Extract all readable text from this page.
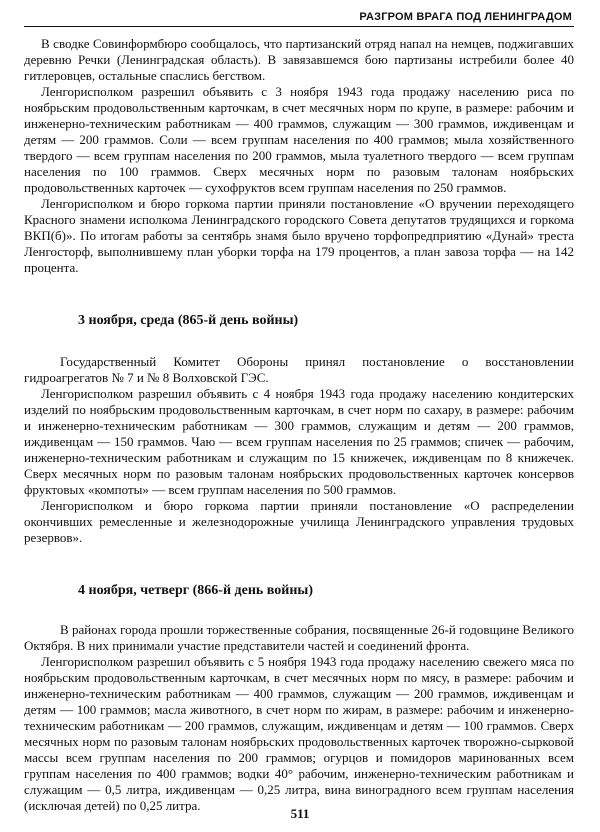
РАЗГРОМ ВРАГА ПОД ЛЕНИНГРАДОМ

В сводке Совинформбюро сообщалось, что партизанский отряд напал на немцев, поджигавших деревню Речки (Ленинградская область). В завязавшемся бою партизаны истребили более 40 гитлеровцев, остальные спаслись бегством.

Ленгорисполком разрешил объявить с 3 ноября 1943 года продажу населению риса по ноябрьским продовольственным карточкам, в счет месячных норм по крупе, в размере: рабочим и инженерно-техническим работникам — 400 граммов, служащим — 300 граммов, иждивенцам и детям — 200 граммов. Соли — всем группам населения по 400 граммов; мыла хозяйственного твердого — всем группам населения по 200 граммов, мыла туалетного твердого — всем группам населения по 100 граммов. Сверх месячных норм по разовым талонам ноябрьских продовольственных карточек — сухофруктов всем группам населения по 250 граммов.

Ленгорисполком и бюро горкома партии приняли постановление «О вручении переходящего Красного знамени исполкома Ленинградского городского Совета депутатов трудящихся и горкома ВКП(б)». По итогам работы за сентябрь знамя было вручено торфопредприятию «Дунай» треста Ленгосторф, выполнившему план уборки торфа на 179 процентов, а план завоза торфа — на 142 процента.

3 ноября, среда (865-й день войны)

Государственный Комитет Обороны принял постановление о восстановлении гидроагрегатов № 7 и № 8 Волховской ГЭС.

Ленгорисполком разрешил объявить с 4 ноября 1943 года продажу населению кондитерских изделий по ноябрьским продовольственным карточкам, в счет норм по сахару, в размере: рабочим и инженерно-техническим работникам — 300 граммов, служащим и детям — 200 граммов, иждивенцам — 150 граммов. Чаю — всем группам населения по 25 граммов; спичек — рабочим, инженерно-техническим работникам и служащим по 15 книжечек, иждивенцам по 8 книжечек. Сверх месячных норм по разовым талонам ноябрьских продовольственных карточек консервов фруктовых «компоты» — всем группам населения по 500 граммов.

Ленгорисполком и бюро горкома партии приняли постановление «О распределении окончивших ремесленные и железнодорожные училища Ленинградского управления трудовых резервов».

4 ноября, четверг (866-й день войны)

В районах города прошли торжественные собрания, посвященные 26-й годовщине Великого Октября. В них принимали участие представители частей и соединений фронта.

Ленгорисполком разрешил объявить с 5 ноября 1943 года продажу населению свежего мяса по ноябрьским продовольственным карточкам, в счет месячных норм по мясу, в размере: рабочим и инженерно-техническим работникам — 400 граммов, служащим — 200 граммов, иждивенцам и детям — 100 граммов; масла животного, в счет норм по жирам, в размере: рабочим и инженерно-техническим работникам — 200 граммов, служащим, иждивенцам и детям — 100 граммов. Сверх месячных норм по разовым талонам ноябрьских продовольственных карточек творожно-сырковой массы всем группам населения по 200 граммов; огурцов и помидоров маринованных всем группам населения по 400 граммов; водки 40° рабочим, инженерно-техническим работникам и служащим — 0,5 литра, иждивенцам — 0,25 литра, вина виноградного всем группам населения (исключая детей) по 0,25 литра.

511
